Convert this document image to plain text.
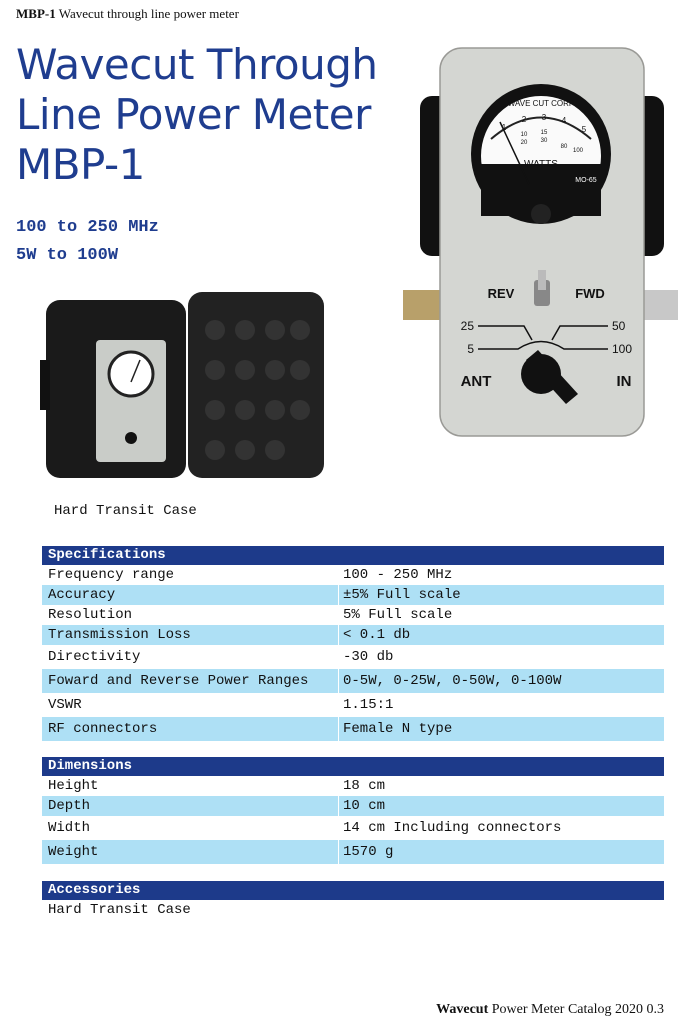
MBP-1 Wavecut through line power meter
Wavecut Through
Line Power Meter
MBP-1
100 to 250 MHz
5W to 100W
Hard Transit Case
WAVE CUT CORP
WATTS
MO-65
1
2 3 4
5
10 15
20 30
80
100
REV	FWD
25
5
50
100
ANT	IN
Specifications
Frequency range	100 - 250 MHz
Accuracy	±5% Full scale
Resolution	5% Full scale
Transmission Loss	< 0.1 db
Directivity	-30 db
Foward and Reverse Power Ranges	0-5W, 0-25W, 0-50W, 0-100W
VSWR	1.15:1
RF connectors	Female N type
Dimensions
Height	18 cm
Depth	10 cm
Width	14 cm Including connectors
Weight	1570 g
Accessories
Hard Transit Case
Wavecut Power Meter Catalog 2020 0.3
